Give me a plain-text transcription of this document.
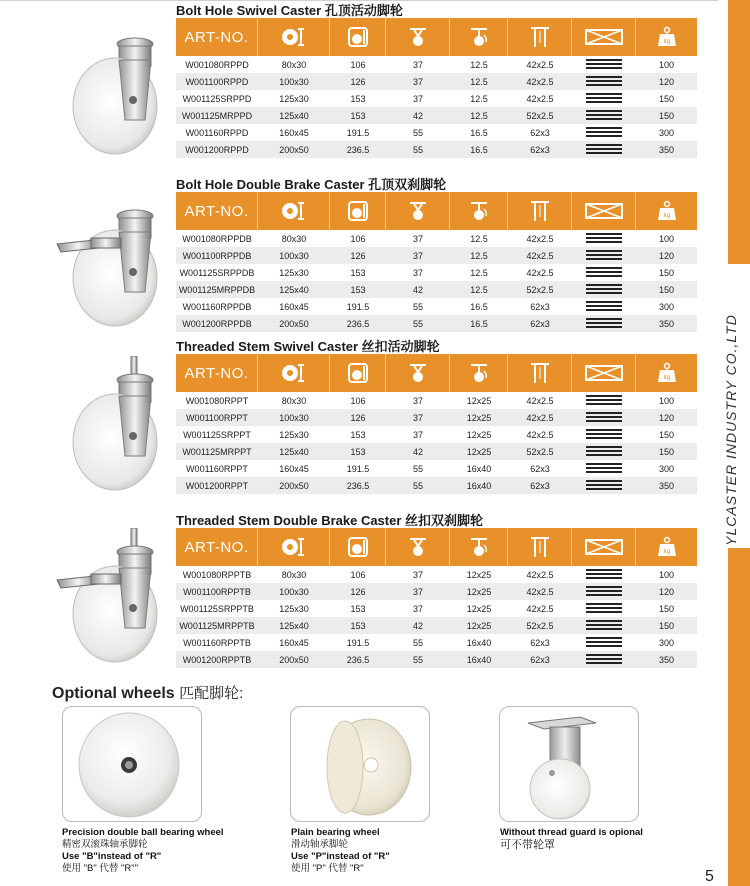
YLCASTER INDUSTRY CO.,LTD
Bolt Hole Swivel Caster 孔顶活动脚轮
ART-NO.	kg
W001080RPPD	80x30	106	37	12.5	42x2.5	100
W001100RPPD	100x30	126	37	12.5	42x2.5	120
W001125SRPPD	125x30	153	37	12.5	42x2.5	150
W001125MRPPD	125x40	153	42	12.5	52x2.5	150
W001160RPPD	160x45	191.5	55	16.5	62x3	300
W001200RPPD	200x50	236.5	55	16.5	62x3	350
Bolt Hole Double Brake Caster 孔顶双刹脚轮
ART-NO.	kg
W001080RPPDB	80x30	106	37	12.5	42x2.5	100
W001100RPPDB	100x30	126	37	12.5	42x2.5	120
W001125SRPPDB	125x30	153	37	12.5	42x2.5	150
W001125MRPPDB	125x40	153	42	12.5	52x2.5	150
W001160RPPDB	160x45	191.5	55	16.5	62x3	300
W001200RPPDB	200x50	236.5	55	16.5	62x3	350
Threaded Stem Swivel Caster 丝扣活动脚轮
ART-NO.	kg
W001080RPPT	80x30	106	37	12x25	42x2.5	100
W001100RPPT	100x30	126	37	12x25	42x2.5	120
W001125SRPPT	125x30	153	37	12x25	42x2.5	150
W001125MRPPT	125x40	153	42	12x25	52x2.5	150
W001160RPPT	160x45	191.5	55	16x40	62x3	300
W001200RPPT	200x50	236.5	55	16x40	62x3	350
Threaded Stem Double Brake Caster 丝扣双刹脚轮
ART-NO.	kg
W001080RPPTB	80x30	106	37	12x25	42x2.5	100
W001100RPPTB	100x30	126	37	12x25	42x2.5	120
W001125SRPPTB	125x30	153	37	12x25	42x2.5	150
W001125MRPPTB	125x40	153	42	12x25	52x2.5	150
W001160RPPTB	160x45	191.5	55	16x40	62x3	300
W001200RPPTB	200x50	236.5	55	16x40	62x3	350
Optional wheels 匹配脚轮:
Precision double ball bearing wheel
精密双滚珠轴承脚轮
Use "B"instead of "R"
使用 "B" 代替 "R""
Plain bearing wheel
滑动轴承脚轮
Use "P"instead of "R"
使用 "P" 代替 "R"
Without thread guard is opional
可不带轮罩
5
